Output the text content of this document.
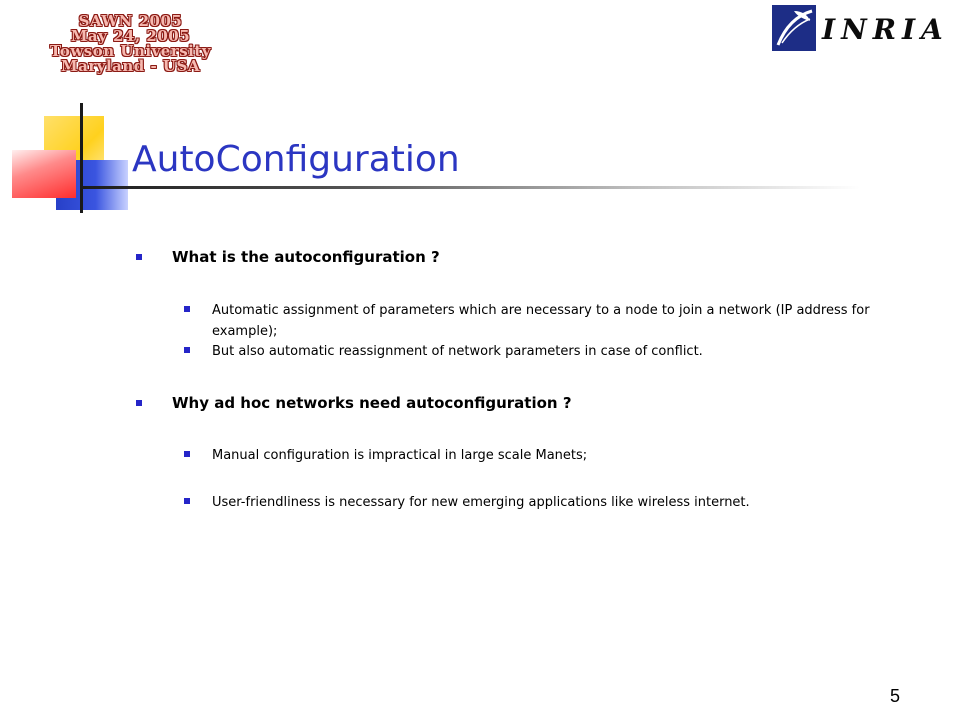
SAWN 2005
May 24, 2005
Towson University
Maryland - USA
INRIA
AutoConfiguration
What is the autoconfiguration ?
Automatic assignment of parameters which are necessary to a node to join a network (IP address for example);
But also automatic reassignment of network parameters in case of conflict.
Why ad hoc networks need autoconfiguration ?
Manual configuration is impractical in large scale Manets;
User-friendliness is necessary for new emerging applications like wireless internet.
5
